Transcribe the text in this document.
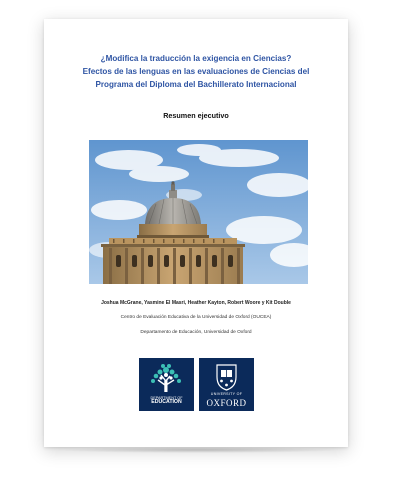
¿Modifica la traducción la exigencia en Ciencias?
Efectos de las lenguas en las evaluaciones de Ciencias del
Programa del Diploma del Bachillerato Internacional
Resumen ejecutivo
Joshua McGrane, Yasmine El Masri, Heather Kayton, Robert Woore y Kit Double
Centro de Evaluación Educativa de la Universidad de Oxford (OUCEA)
Departamento de Educación, Universidad de Oxford
DEPARTMENT OF
EDUCATION
UNIVERSITY OF
OXFORD
